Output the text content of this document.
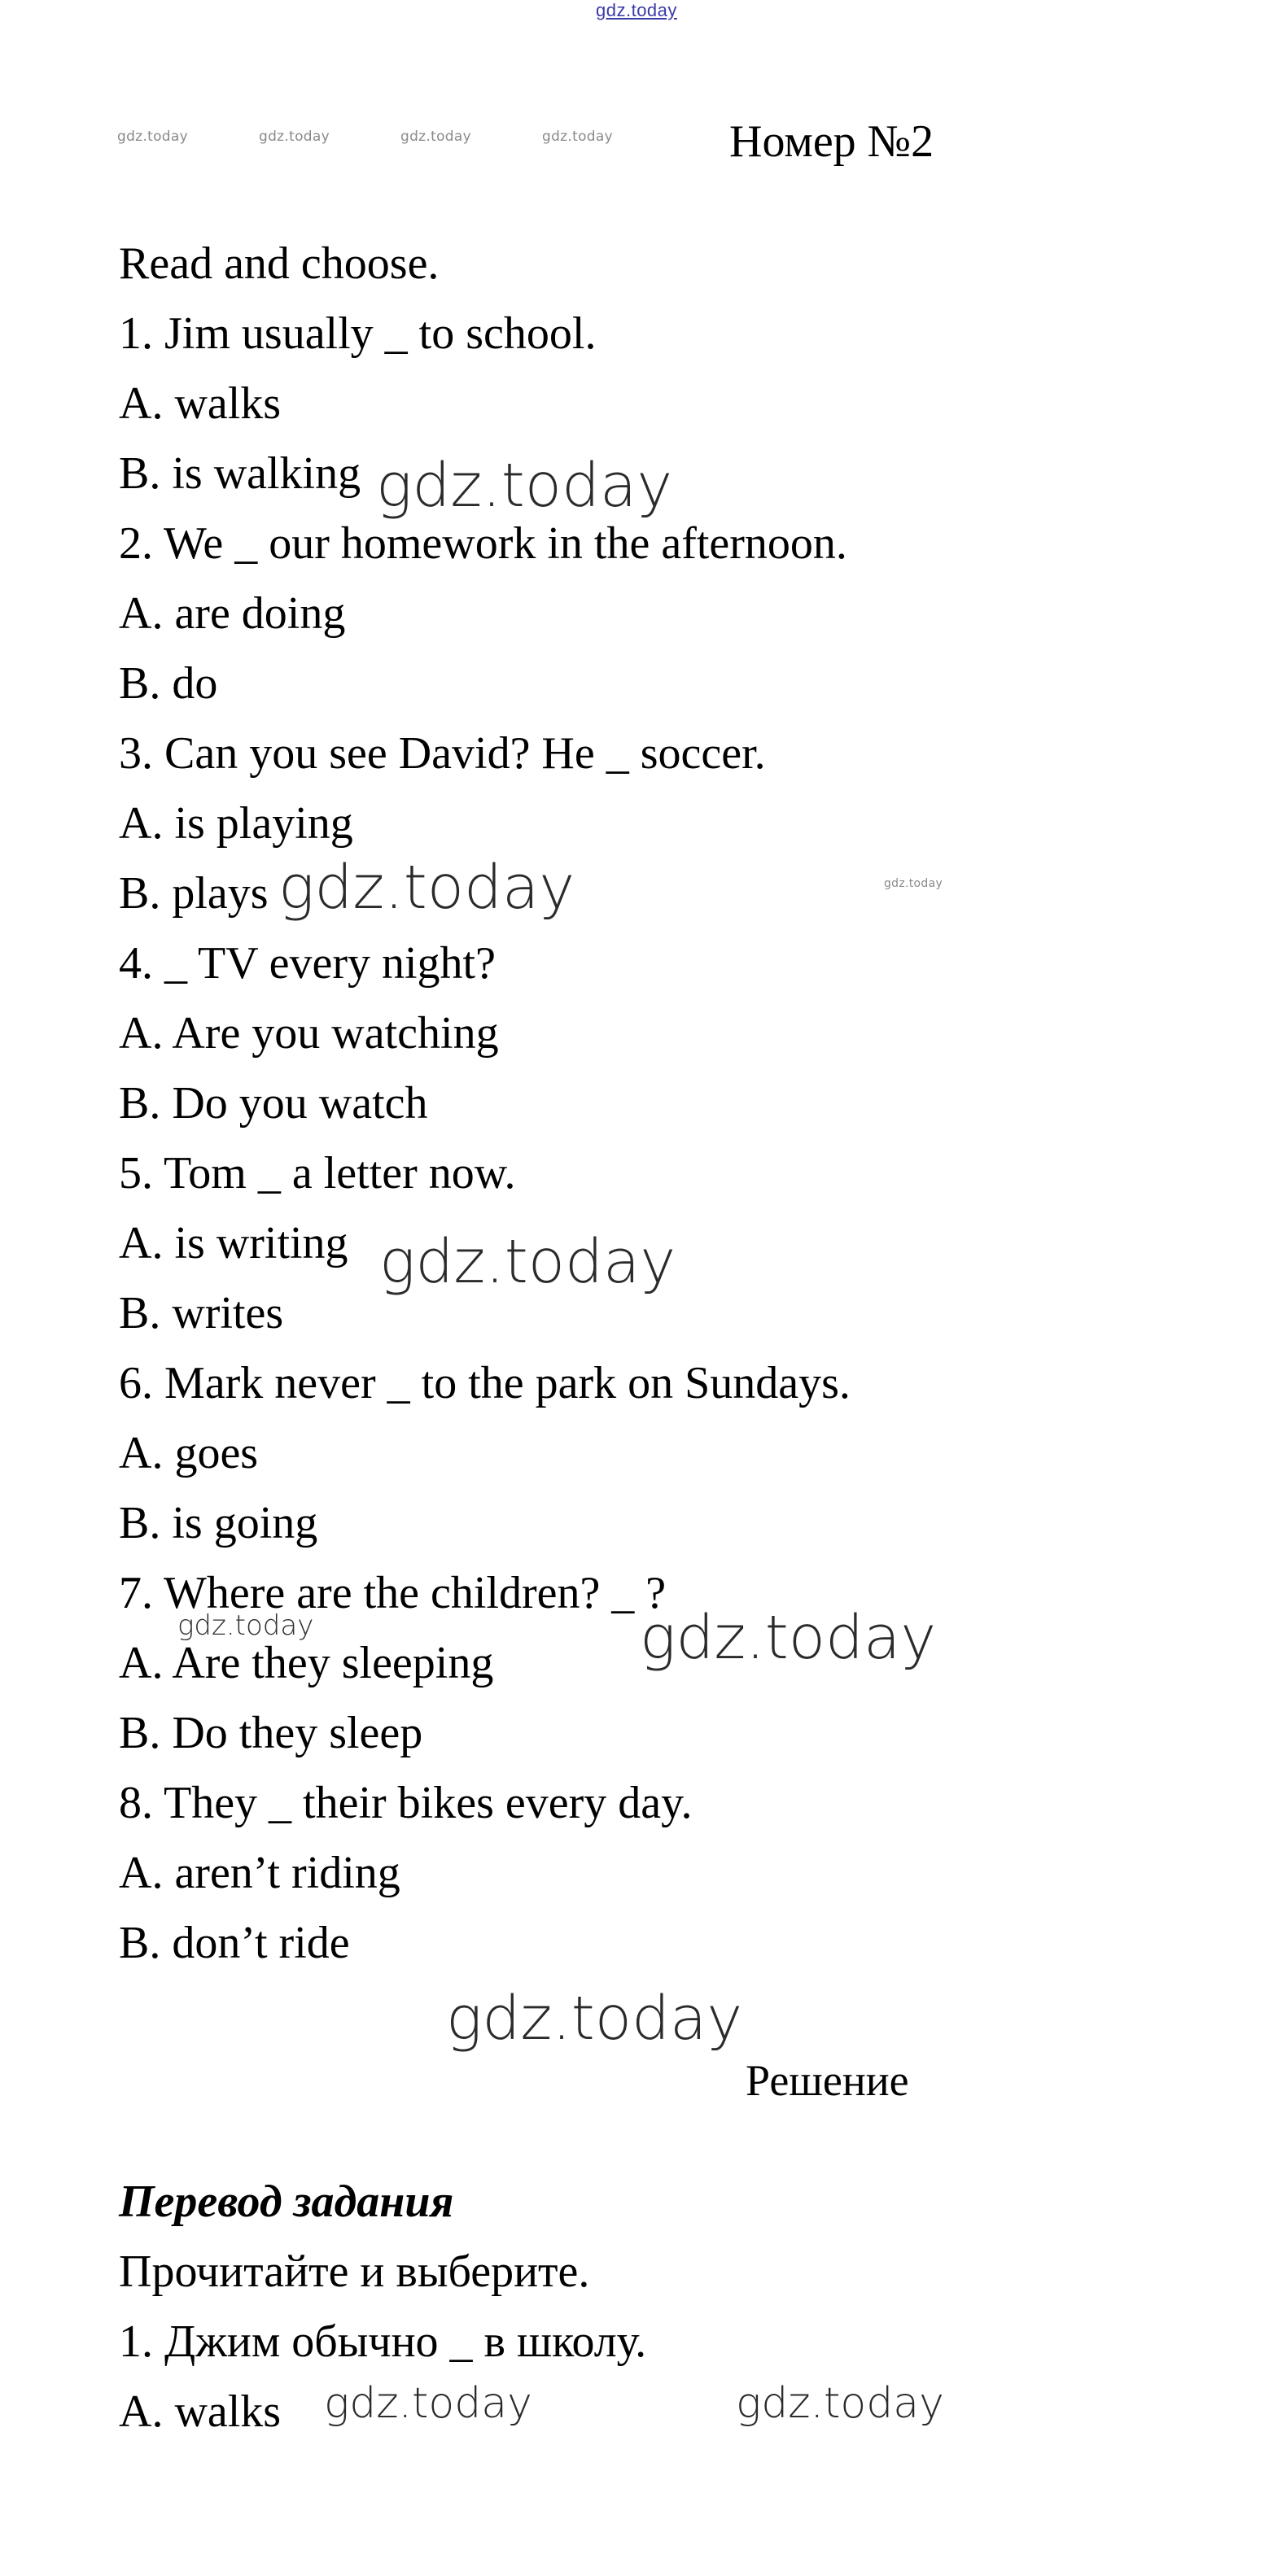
gdz.today
gdz.today	gdz.today	gdz.today	gdz.today
gdz.today
Номер №2
Read and choose.
1. Jim usually _ to school.
A. walks
B. is walking
2. We _ our homework in the afternoon.
A. are doing
B. do
3. Can you see David? He _ soccer.
A. is playing
B. plays
4. _ TV every night?
A. Are you watching
B. Do you watch
5. Tom _ a letter now.
A. is writing
B. writes
6. Mark never _ to the park on Sundays.
A. goes
B. is going
7. Where are the children? _ ?
A. Are they sleeping
B. Do they sleep
8. They _ their bikes every day.
A. aren’t riding
B. don’t ride
gdz.today
gdz.today
gdz.today
gdz.today
gdz.today
gdz.today
Решение
Перевод задания
Прочитайте и выберите.
1. Джим обычно _ в школу.
A. walks gdz.today	gdz.today
